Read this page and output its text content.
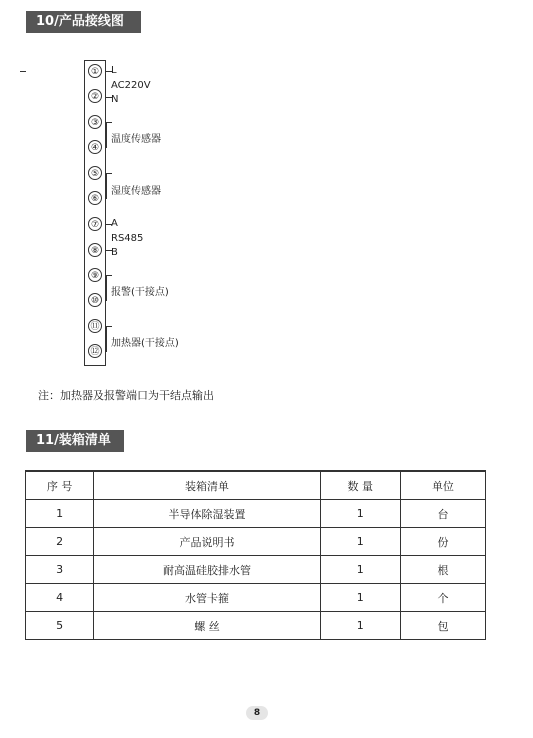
10/产品接线图
①
②
③
④
⑤
⑥
⑦
⑧
⑨
⑩
⑪
⑫
L
AC220V
N
温度传感器
湿度传感器
A
RS485
B
报警(干接点)
加热器(干接点)
注：加热器及报警端口为干结点输出
11/装箱清单
序 号	装箱清单	数 量	单位
1	半导体除湿装置	1	台
2	产品说明书	1	份
3	耐高温硅胶排水管	1	根
4	水管卡箍	1	个
5	螺 丝	1	包
8
